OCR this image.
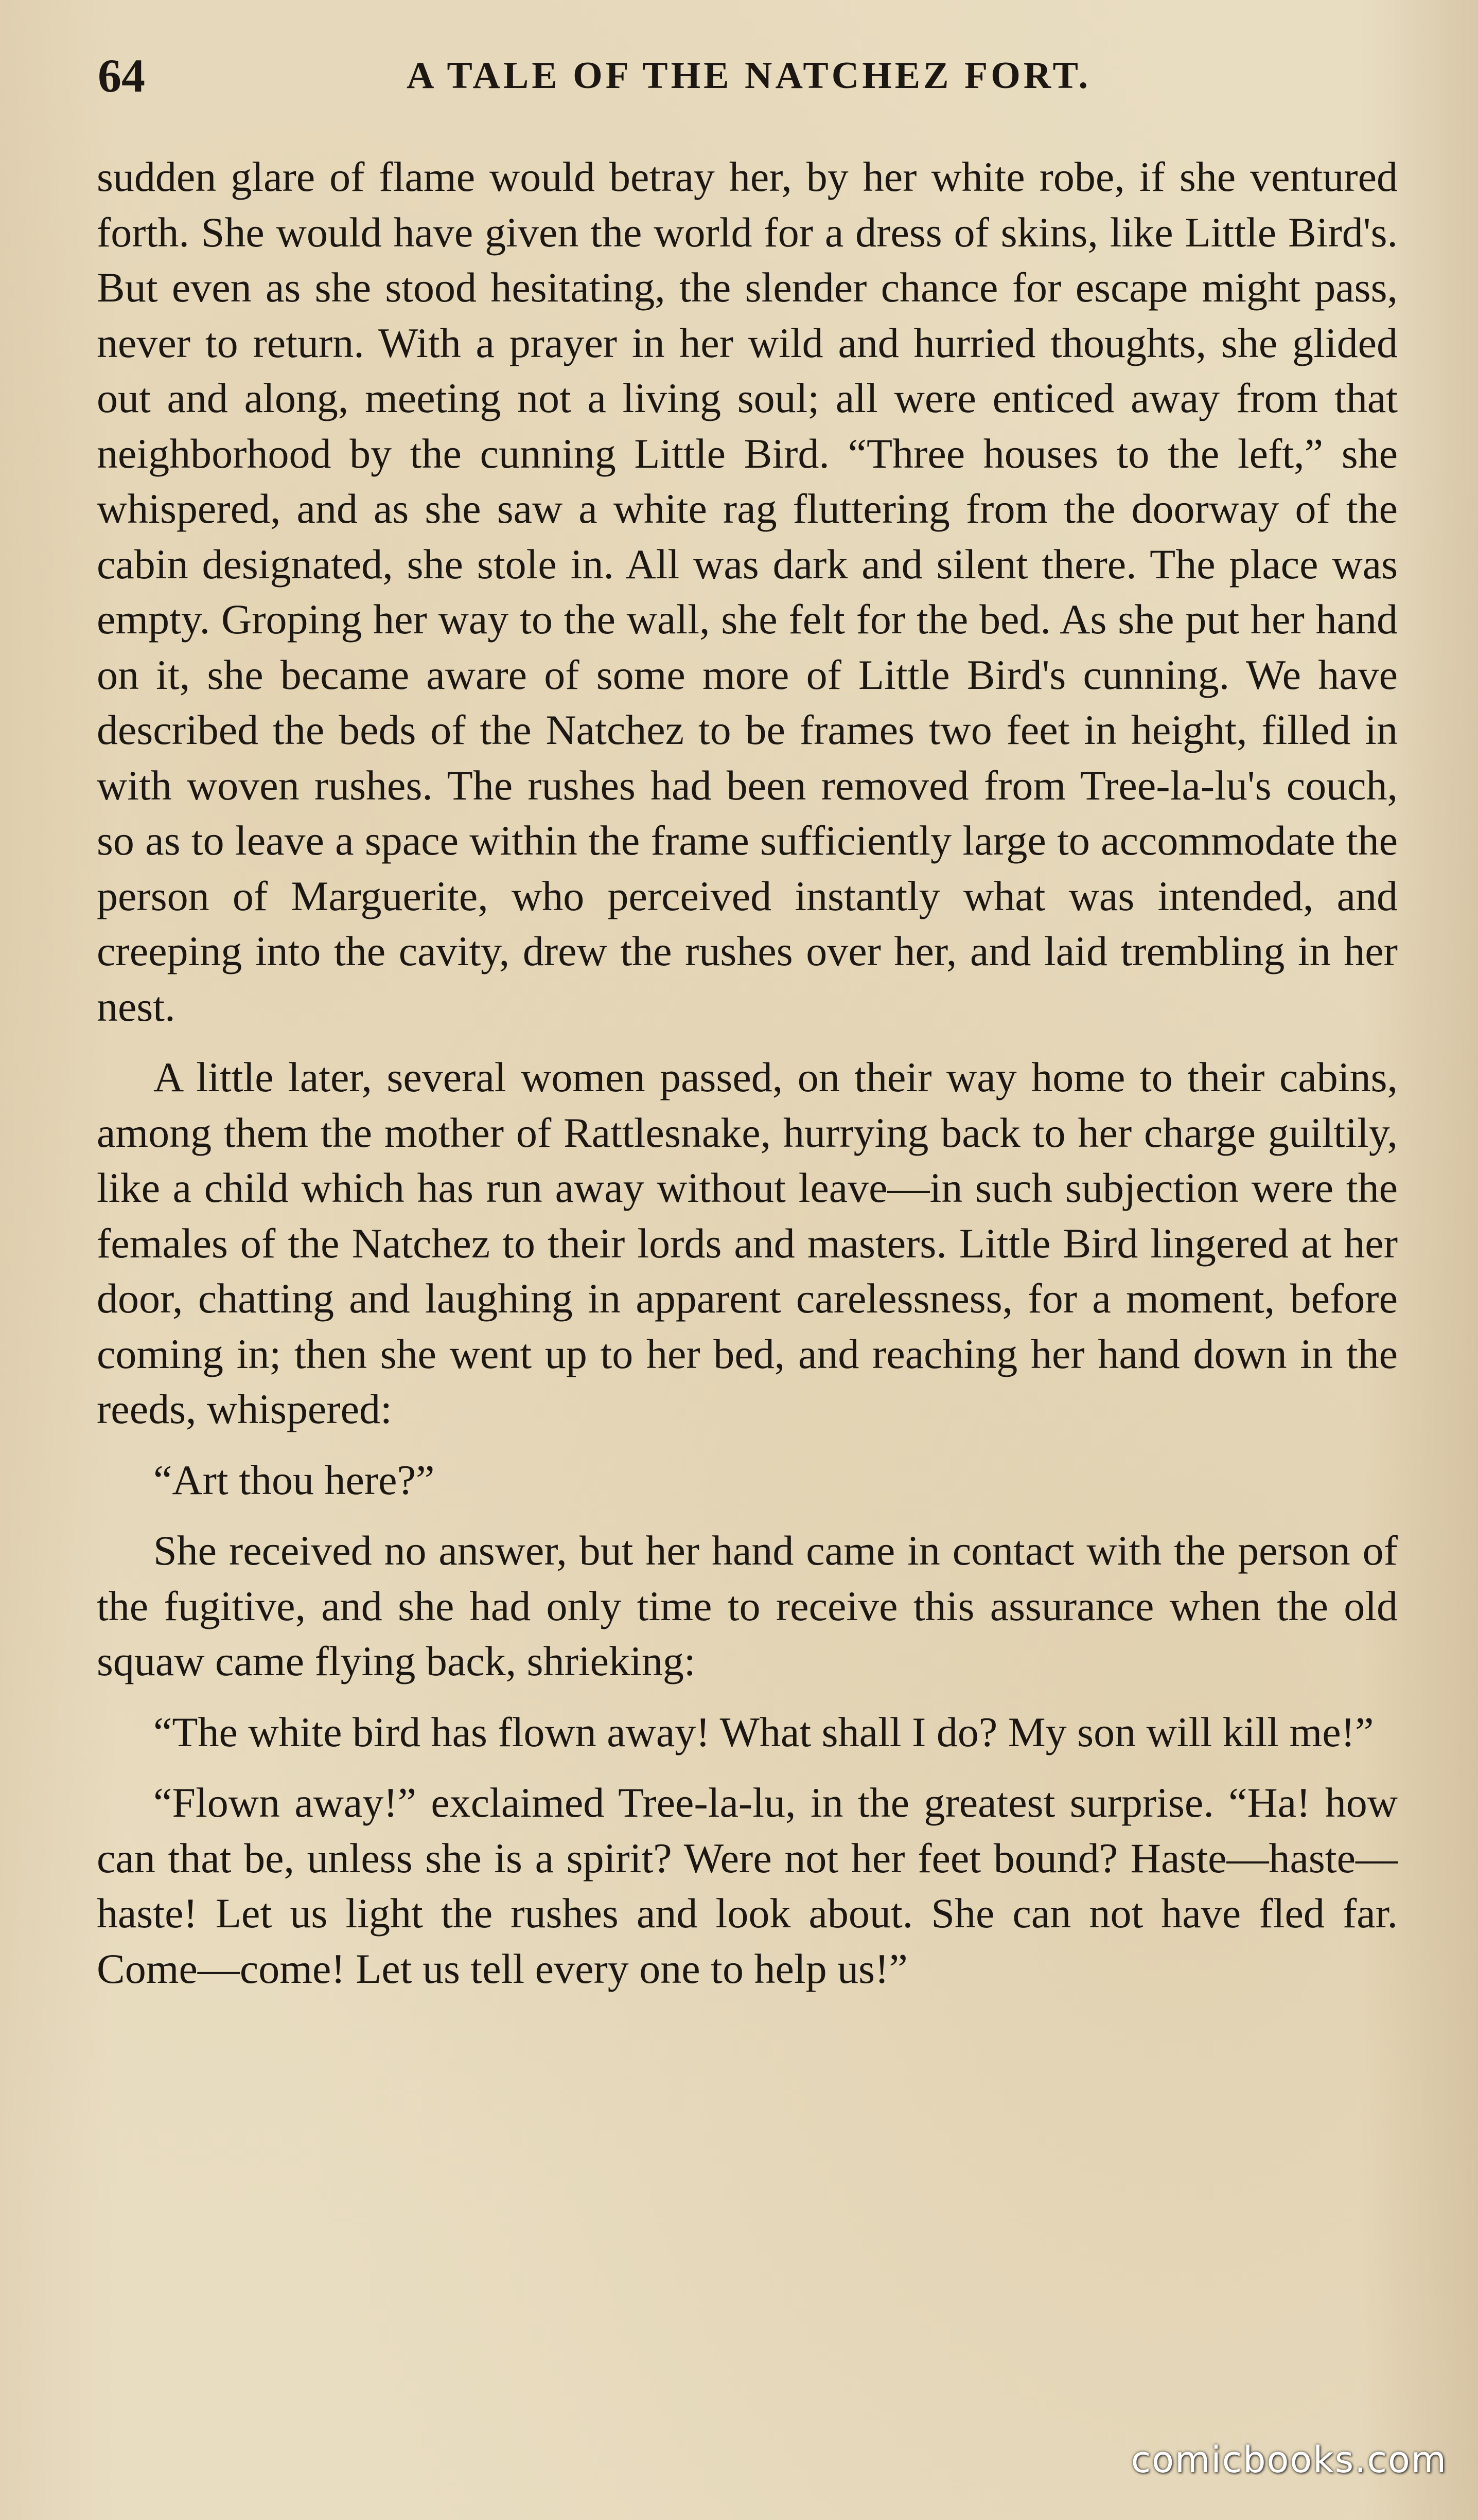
64	A TALE OF THE NATCHEZ FORT.

sudden glare of flame would betray her, by her white robe, if she ventured forth. She would have given the world for a dress of skins, like Little Bird's. But even as she stood hesitating, the slender chance for escape might pass, never to return. With a prayer in her wild and hurried thoughts, she glided out and along, meeting not a living soul; all were enticed away from that neighborhood by the cunning Little Bird. “Three houses to the left,” she whispered, and as she saw a white rag fluttering from the doorway of the cabin designated, she stole in. All was dark and silent there. The place was empty. Groping her way to the wall, she felt for the bed. As she put her hand on it, she became aware of some more of Little Bird's cunning. We have described the beds of the Natchez to be frames two feet in height, filled in with woven rushes. The rushes had been removed from Tree-la-lu's couch, so as to leave a space within the frame sufficiently large to accommodate the person of Marguerite, who perceived instantly what was intended, and creeping into the cavity, drew the rushes over her, and laid trembling in her nest.

A little later, several women passed, on their way home to their cabins, among them the mother of Rattlesnake, hurrying back to her charge guiltily, like a child which has run away without leave—in such subjection were the females of the Natchez to their lords and masters. Little Bird lingered at her door, chatting and laughing in apparent carelessness, for a moment, before coming in; then she went up to her bed, and reaching her hand down in the reeds, whispered:

“Art thou here?”

She received no answer, but her hand came in contact with the person of the fugitive, and she had only time to receive this assurance when the old squaw came flying back, shrieking:

“The white bird has flown away! What shall I do? My son will kill me!”

“Flown away!” exclaimed Tree-la-lu, in the greatest surprise. “Ha! how can that be, unless she is a spirit? Were not her feet bound? Haste—haste—haste! Let us light the rushes and look about. She can not have fled far. Come—come! Let us tell every one to help us!”

comicbooks.com
